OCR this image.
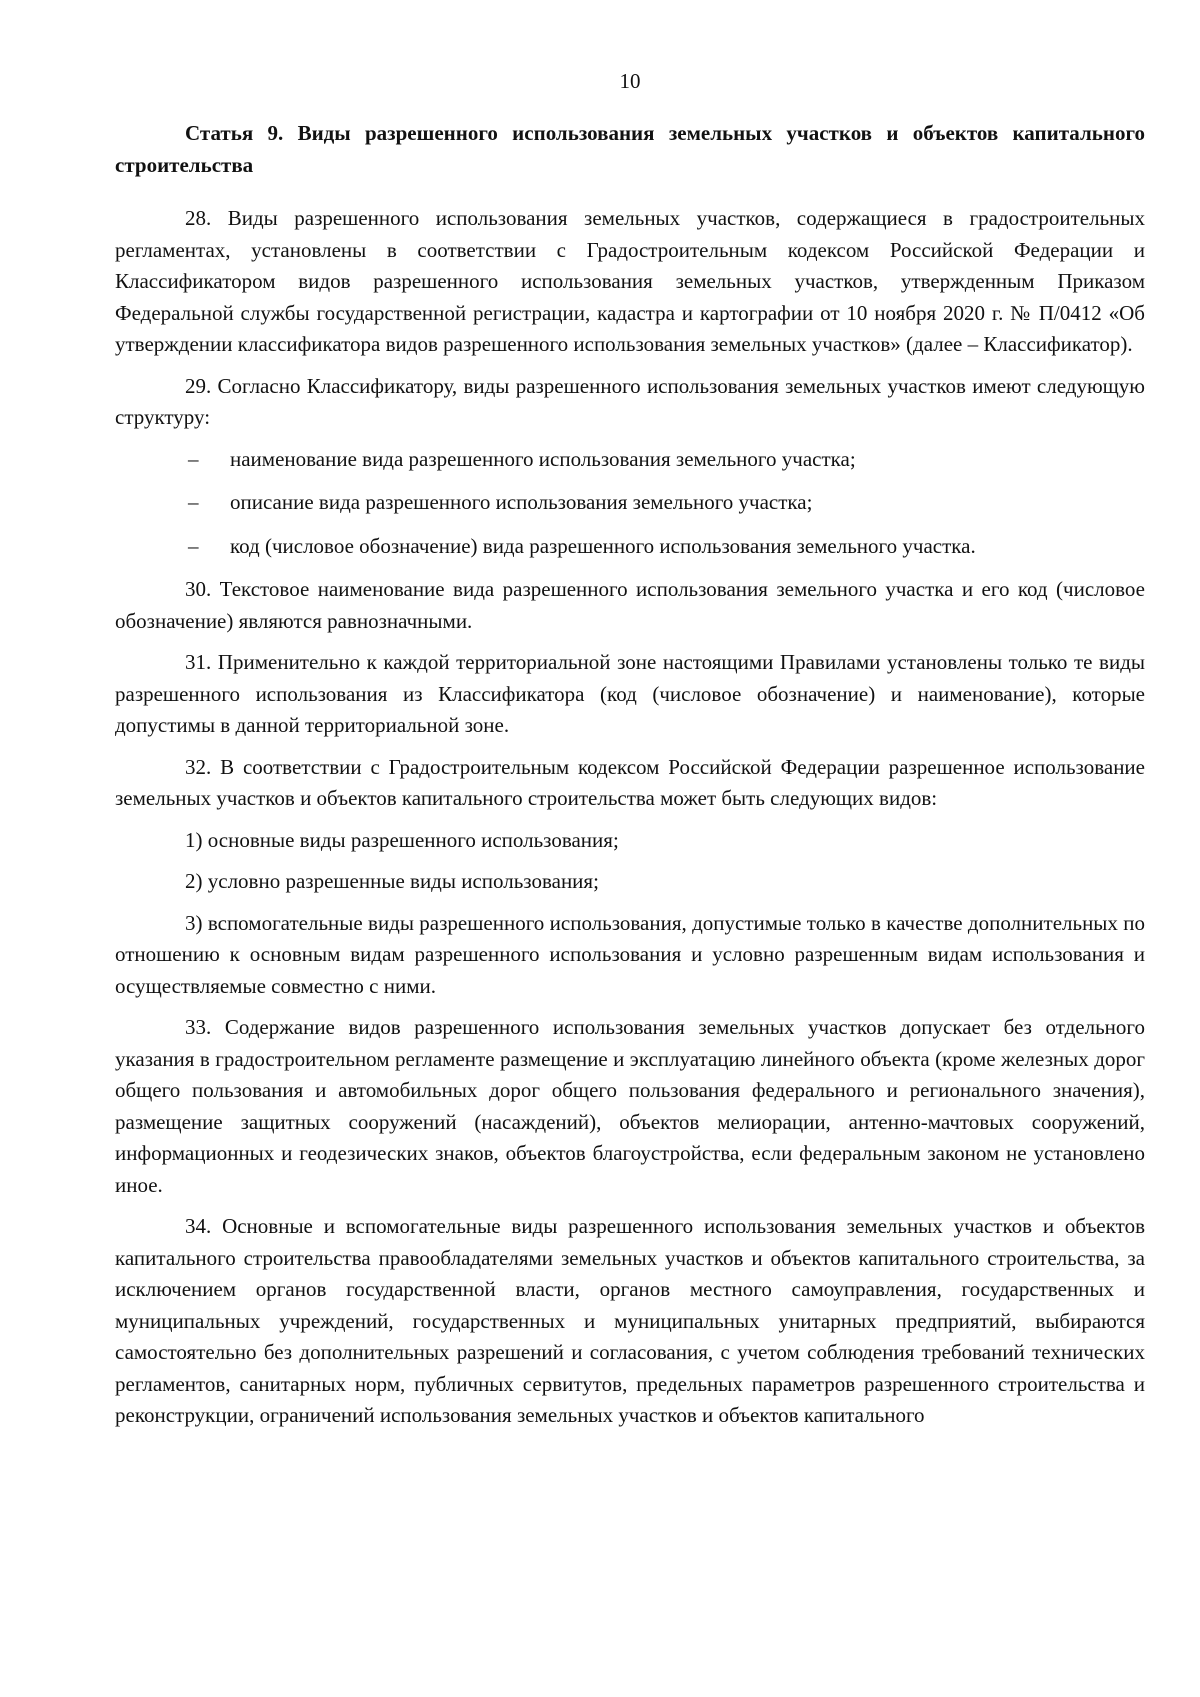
10
Статья 9. Виды разрешенного использования земельных участков и объектов капитального строительства

28. Виды разрешенного использования земельных участков, содержащиеся в градостроительных регламентах, установлены в соответствии с Градостроительным кодексом Российской Федерации и Классификатором видов разрешенного использования земельных участков, утвержденным Приказом Федеральной службы государственной регистрации, кадастра и картографии от 10 ноября 2020 г. № П/0412 «Об утверждении классификатора видов разрешенного использования земельных участков» (далее – Классификатор).

29. Согласно Классификатору, виды разрешенного использования земельных участков имеют следующую структуру:

– наименование вида разрешенного использования земельного участка;
– описание вида разрешенного использования земельного участка;
– код (числовое обозначение) вида разрешенного использования земельного участка.

30. Текстовое наименование вида разрешенного использования земельного участка и его код (числовое обозначение) являются равнозначными.

31. Применительно к каждой территориальной зоне настоящими Правилами установлены только те виды разрешенного использования из Классификатора (код (числовое обозначение) и наименование), которые допустимы в данной территориальной зоне.

32. В соответствии с Градостроительным кодексом Российской Федерации разрешенное использование земельных участков и объектов капитального строительства может быть следующих видов:

1) основные виды разрешенного использования;
2) условно разрешенные виды использования;
3) вспомогательные виды разрешенного использования, допустимые только в качестве дополнительных по отношению к основным видам разрешенного использования и условно разрешенным видам использования и осуществляемые совместно с ними.

33. Содержание видов разрешенного использования земельных участков допускает без отдельного указания в градостроительном регламенте размещение и эксплуатацию линейного объекта (кроме железных дорог общего пользования и автомобильных дорог общего пользования федерального и регионального значения), размещение защитных сооружений (насаждений), объектов мелиорации, антенно-мачтовых сооружений, информационных и геодезических знаков, объектов благоустройства, если федеральным законом не установлено иное.

34. Основные и вспомогательные виды разрешенного использования земельных участков и объектов капитального строительства правообладателями земельных участков и объектов капитального строительства, за исключением органов государственной власти, органов местного самоуправления, государственных и муниципальных учреждений, государственных и муниципальных унитарных предприятий, выбираются самостоятельно без дополнительных разрешений и согласования, с учетом соблюдения требований технических регламентов, санитарных норм, публичных сервитутов, предельных параметров разрешенного строительства и реконструкции, ограничений использования земельных участков и объектов капитального
